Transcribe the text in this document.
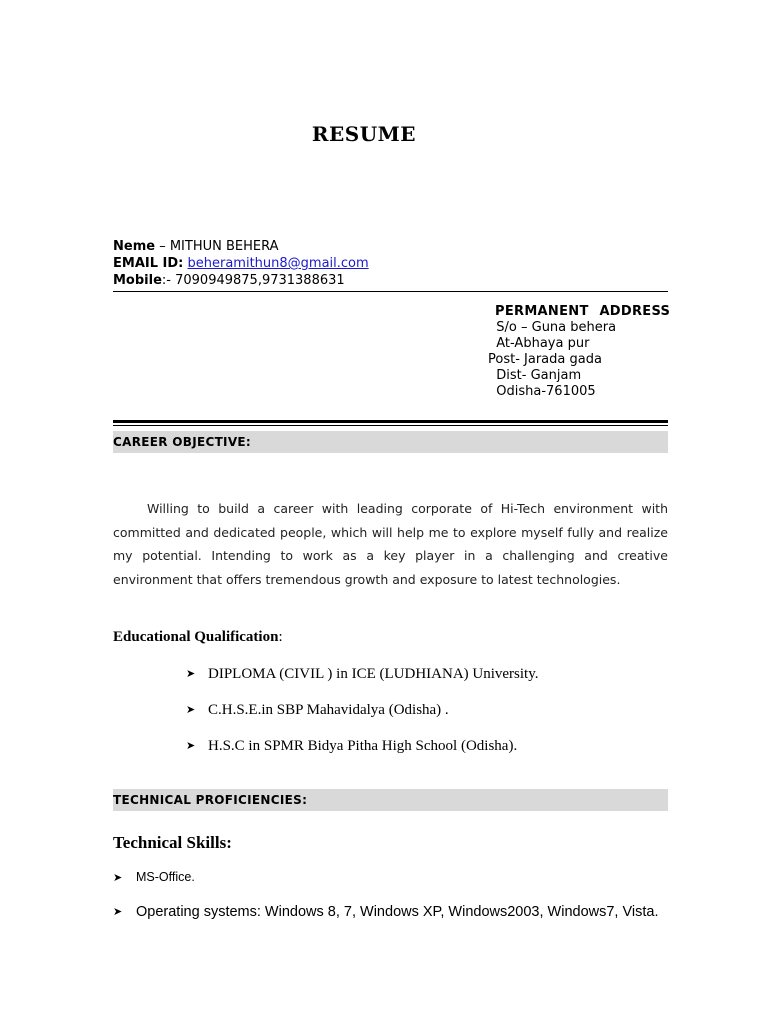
RESUME
Neme – MITHUN BEHERA
EMAIL ID: beheramithun8@gmail.com
Mobile:- 7090949875,9731388631
PERMANENT ADDRESS
S/o – Guna behera
At-Abhaya pur
Post- Jarada gada
Dist- Ganjam
Odisha-761005
CAREER OBJECTIVE:

Willing to build a career with leading corporate of Hi-Tech environment with committed and dedicated people, which will help me to explore myself fully and realize my potential. Intending to work as a key player in a challenging and creative environment that offers tremendous growth and exposure to latest technologies.

Educational Qualification:
➤ DIPLOMA (CIVIL ) in ICE (LUDHIANA) University.
➤ C.H.S.E.in SBP Mahavidalya (Odisha) .
➤ H.S.C in SPMR Bidya Pitha High School (Odisha).
TECHNICAL PROFICIENCIES:
Technical Skills:
➤	MS-Office.
➤ Operating systems: Windows 8, 7, Windows XP, Windows2003, Windows7, Vista.
